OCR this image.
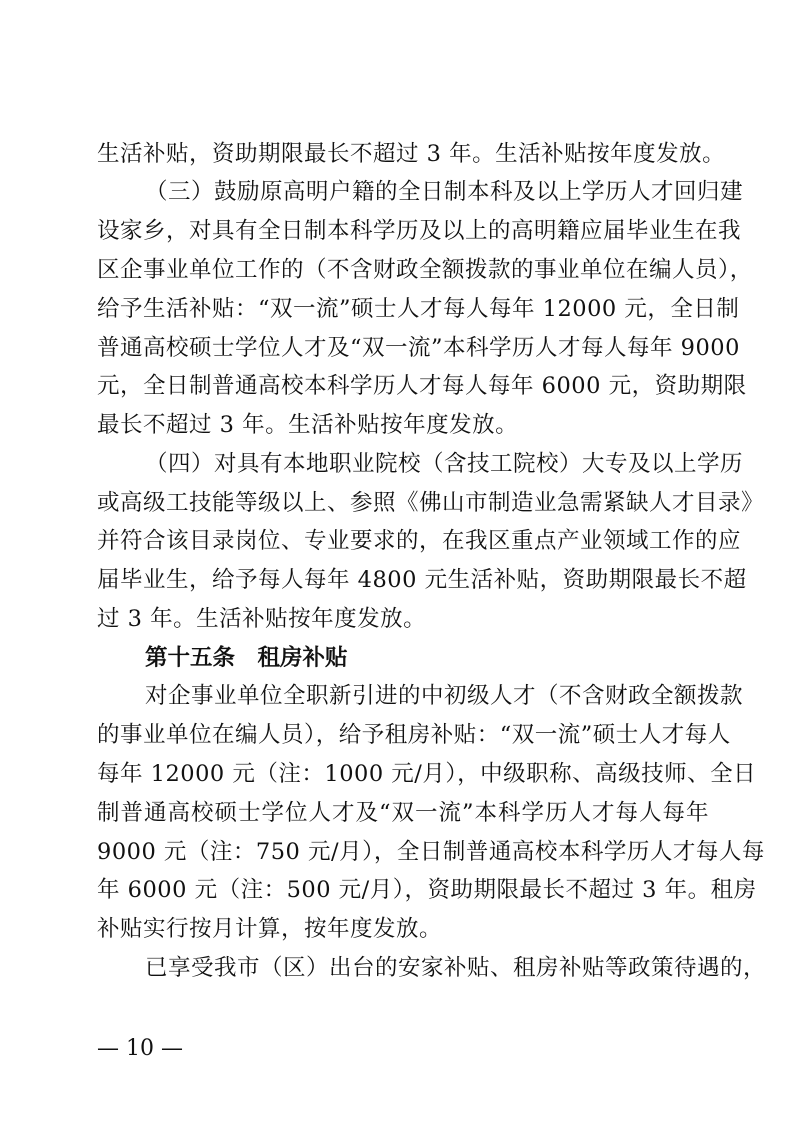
生活补贴，资助期限最长不超过 3 年。生活补贴按年度发放。
（三）鼓励原高明户籍的全日制本科及以上学历人才回归建
设家乡，对具有全日制本科学历及以上的高明籍应届毕业生在我
区企事业单位工作的（不含财政全额拨款的事业单位在编人员），
给予生活补贴：“双一流”硕士人才每人每年 12000 元，全日制
普通高校硕士学位人才及“双一流”本科学历人才每人每年 9000
元，全日制普通高校本科学历人才每人每年 6000 元，资助期限
最长不超过 3 年。生活补贴按年度发放。
（四）对具有本地职业院校（含技工院校）大专及以上学历
或高级工技能等级以上、参照《佛山市制造业急需紧缺人才目录》
并符合该目录岗位、专业要求的，在我区重点产业领域工作的应
届毕业生，给予每人每年 4800 元生活补贴，资助期限最长不超
过 3 年。生活补贴按年度发放。
第十五条　租房补贴
对企事业单位全职新引进的中初级人才（不含财政全额拨款
的事业单位在编人员），给予租房补贴：“双一流”硕士人才每人
每年 12000 元（注：1000 元/月），中级职称、高级技师、全日
制普通高校硕士学位人才及“双一流”本科学历人才每人每年
9000 元（注：750 元/月），全日制普通高校本科学历人才每人每
年 6000 元（注：500 元/月），资助期限最长不超过 3 年。租房
补贴实行按月计算，按年度发放。
已享受我市（区）出台的安家补贴、租房补贴等政策待遇的，
— 10 —
